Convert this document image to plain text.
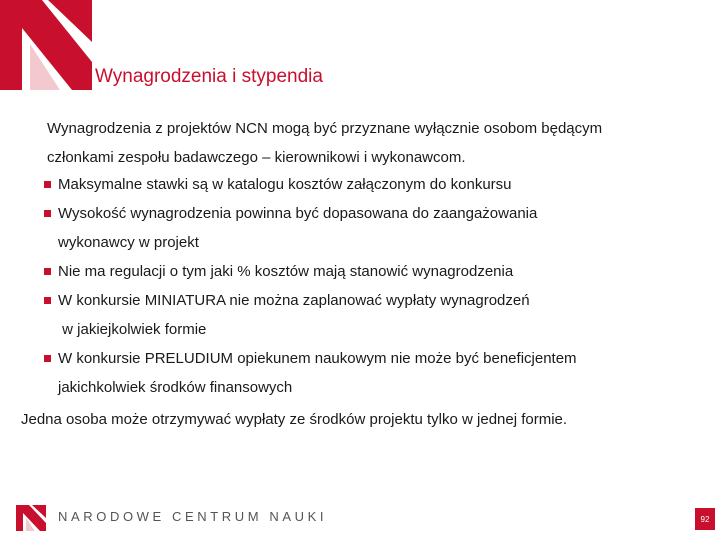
Wynagrodzenia i stypendia

Wynagrodzenia z projektów NCN mogą być przyznane wyłącznie osobom będącym

członkami zespołu badawczego – kierownikowi i wykonawcom.

Maksymalne stawki są w katalogu kosztów załączonym do konkursu
Wysokość wynagrodzenia powinna być dopasowana do zaangażowania
wykonawcy w projekt
Nie ma regulacji o tym jaki % kosztów mają stanowić wynagrodzenia
W konkursie MINIATURA nie można zaplanować wypłaty wynagrodzeń
w jakiejkolwiek formie
W konkursie PRELUDIUM opiekunem naukowym nie może być beneficjentem
jakichkolwiek środków finansowych
Jedna osoba może otrzymywać wypłaty ze środków projektu tylko w jednej formie.
NARODOWE CENTRUM NAUKI	92
